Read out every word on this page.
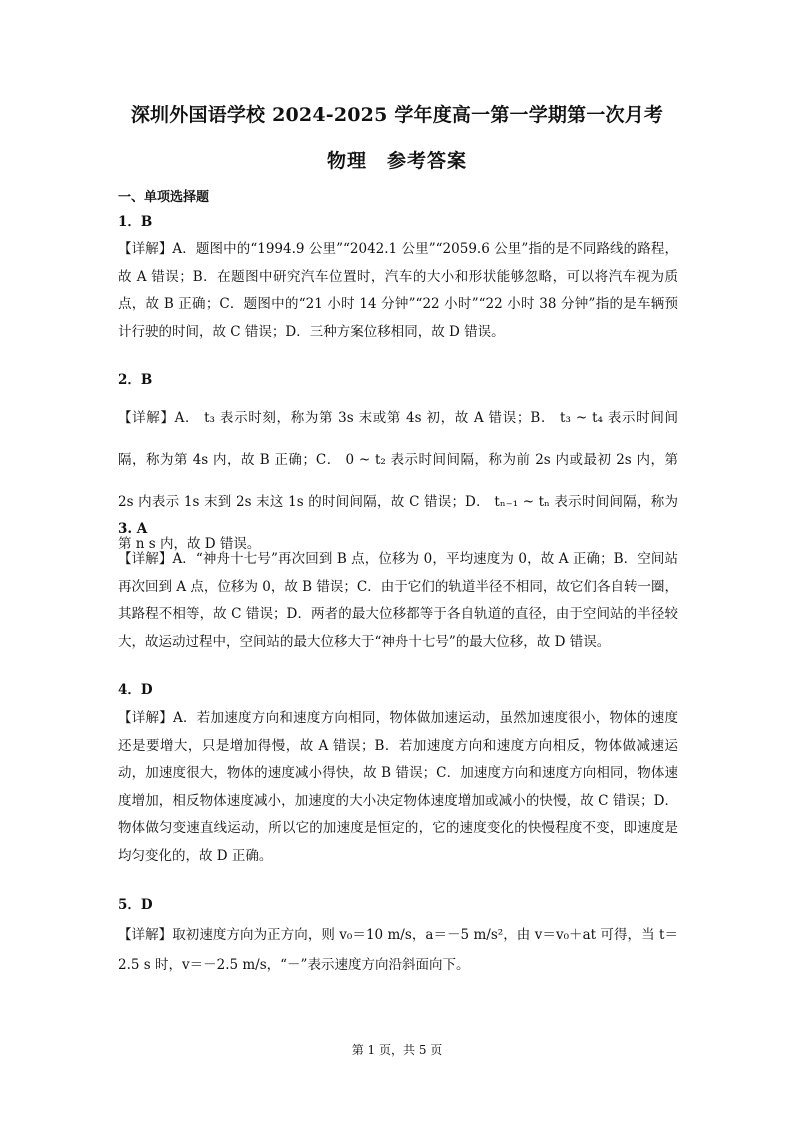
深圳外国语学校 2024-2025 学年度高一第一学期第一次月考
物理　参考答案
一、单项选择题
1．B
【详解】A．题图中的“1994.9 公里”“2042.1 公里”“2059.6 公里”指的是不同路线的路程，故 A 错误；B．在题图中研究汽车位置时，汽车的大小和形状能够忽略，可以将汽车视为质点，故 B 正确；C．题图中的“21 小时 14 分钟”“22 小时”“22 小时 38 分钟”指的是车辆预计行驶的时间，故 C 错误；D．三种方案位移相同，故 D 错误。
2．B
【详解】A． t₃ 表示时刻，称为第 3s 末或第 4s 初，故 A 错误；B． t₃ ~ t₄ 表示时间间隔，称为第 4s 内，故 B 正确；C． 0 ~ t₂ 表示时间间隔，称为前 2s 内或最初 2s 内，第 2s 内表示 1s 末到 2s 末这 1s 的时间间隔，故 C 错误；D． tₙ₋₁ ~ tₙ 表示时间间隔，称为第 n s 内，故 D 错误。
3. A
【详解】A．“神舟十七号”再次回到 B 点，位移为 0，平均速度为 0，故 A 正确；B．空间站再次回到 A 点，位移为 0，故 B 错误；C．由于它们的轨道半径不相同，故它们各自转一圈，其路程不相等，故 C 错误；D．两者的最大位移都等于各自轨道的直径，由于空间站的半径较大，故运动过程中，空间站的最大位移大于“神舟十七号”的最大位移，故 D 错误。
4．D
【详解】A．若加速度方向和速度方向相同，物体做加速运动，虽然加速度很小，物体的速度还是要增大，只是增加得慢，故 A 错误；B．若加速度方向和速度方向相反，物体做减速运动，加速度很大，物体的速度减小得快，故 B 错误；C．加速度方向和速度方向相同，物体速度增加，相反物体速度减小，加速度的大小决定物体速度增加或减小的快慢，故 C 错误；D．物体做匀变速直线运动，所以它的加速度是恒定的，它的速度变化的快慢程度不变，即速度是均匀变化的，故 D 正确。
5．D
【详解】取初速度方向为正方向，则 v₀＝10 m/s，a＝－5 m/s²，由 v＝v₀＋at 可得，当 t＝2.5 s 时，v＝－2.5 m/s，“－”表示速度方向沿斜面向下。
第 1 页，共 5 页
